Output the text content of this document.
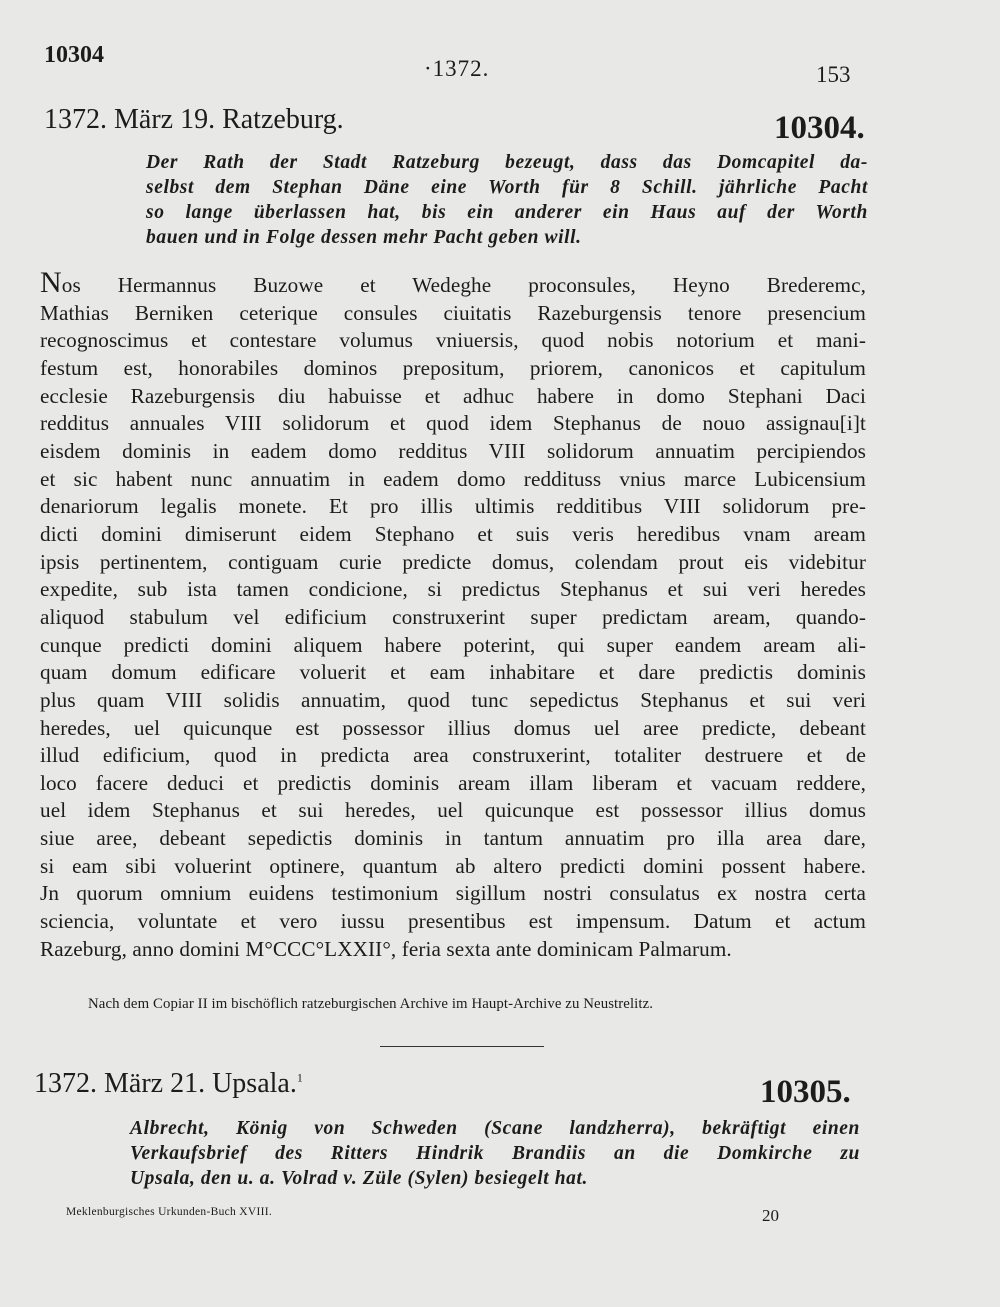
10304
·1372.	153
1372. März 19. Ratzeburg.	10304.
Der Rath der Stadt Ratzeburg bezeugt, dass das Domcapitel da-
selbst dem Stephan Däne eine Worth für 8 Schill. jährliche Pacht
so lange überlassen hat, bis ein anderer ein Haus auf der Worth
bauen und in Folge dessen mehr Pacht geben will.
Nos Hermannus Buzowe et Wedeghe proconsules, Heyno Brederemc,
Mathias Berniken ceterique consules ciuitatis Razeburgensis tenore presencium
recognoscimus et contestare volumus vniuersis, quod nobis notorium et mani-
festum est, honorabiles dominos prepositum, priorem, canonicos et capitulum
ecclesie Razeburgensis diu habuisse et adhuc habere in domo Stephani Daci
redditus annuales VIII solidorum et quod idem Stephanus de nouo assignau[i]t
eisdem dominis in eadem domo redditus VIII solidorum annuatim percipiendos
et sic habent nunc annuatim in eadem domo reddituss vnius marce Lubicensium
denariorum legalis monete. Et pro illis ultimis redditibus VIII solidorum pre-
dicti domini dimiserunt eidem Stephano et suis veris heredibus vnam aream
ipsis pertinentem, contiguam curie predicte domus, colendam prout eis videbitur
expedite, sub ista tamen condicione, si predictus Stephanus et sui veri heredes
aliquod stabulum vel edificium construxerint super predictam aream, quando-
cunque predicti domini aliquem habere poterint, qui super eandem aream ali-
quam domum edificare voluerit et eam inhabitare et dare predictis dominis
plus quam VIII solidis annuatim, quod tunc sepedictus Stephanus et sui veri
heredes, uel quicunque est possessor illius domus uel aree predicte, debeant
illud edificium, quod in predicta area construxerint, totaliter destruere et de
loco facere deduci et predictis dominis aream illam liberam et vacuam reddere,
uel idem Stephanus et sui heredes, uel quicunque est possessor illius domus
siue aree, debeant sepedictis dominis in tantum annuatim pro illa area dare,
si eam sibi voluerint optinere, quantum ab altero predicti domini possent habere.
Jn quorum omnium euidens testimonium sigillum nostri consulatus ex nostra certa
sciencia, voluntate et vero iussu presentibus est impensum. Datum et actum
Razeburg, anno domini M°CCC°LXXII°, feria sexta ante dominicam Palmarum.
Nach dem Copiar II im bischöflich ratzeburgischen Archive im Haupt-Archive zu Neustrelitz.
1372. März 21. Upsala.$^1$	10305.
Albrecht, König von Schweden (Scane landzherra), bekräftigt einen
Verkaufsbrief des Ritters Hindrik Brandiis an die Domkirche zu
Upsala, den u. a. Volrad v. Züle (Sylen) besiegelt hat.
Meklenburgisches Urkunden-Buch XVIII.	20
